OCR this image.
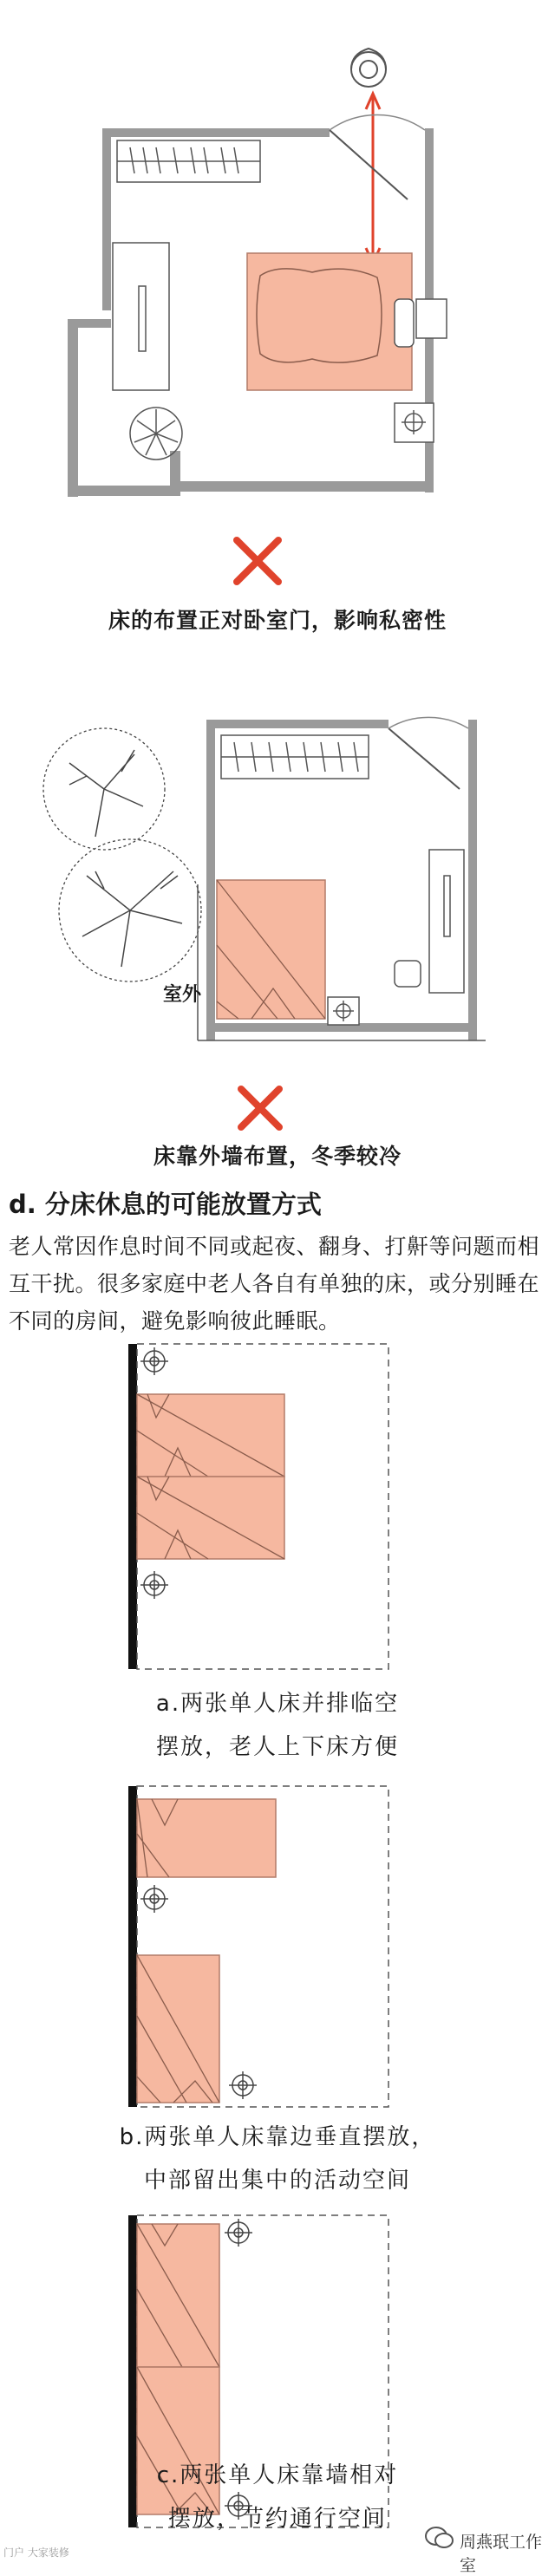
床的布置正对卧室门，影响私密性
室外
床靠外墙布置，冬季较冷
d. 分床休息的可能放置方式
老人常因作息时间不同或起夜、翻身、打鼾等问题而相互干扰。很多家庭中老人各自有单独的床，或分别睡在不同的房间，避免影响彼此睡眠。
a.两张单人床并排临空
摆放，老人上下床方便
b.两张单人床靠边垂直摆放，
中部留出集中的活动空间
c.两张单人床靠墙相对
摆放，节约通行空间
门户 大家装修
周燕珉工作室
